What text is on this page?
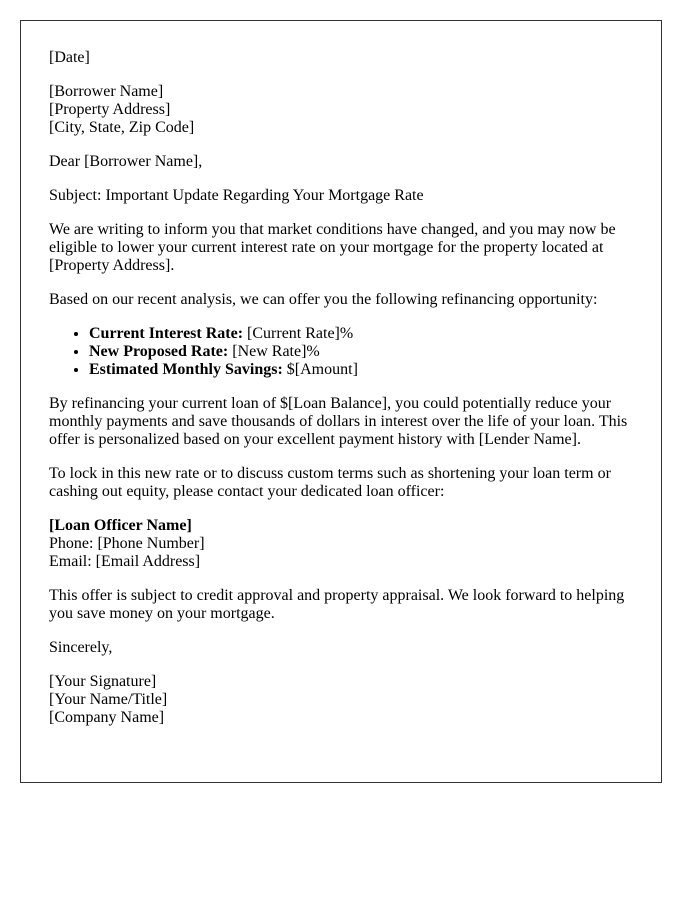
[Date]

[Borrower Name]
[Property Address]
[City, State, Zip Code]

Dear [Borrower Name],

Subject: Important Update Regarding Your Mortgage Rate

We are writing to inform you that market conditions have changed, and you may now be eligible to lower your current interest rate on your mortgage for the property located at [Property Address].

Based on our recent analysis, we can offer you the following refinancing opportunity:

• Current Interest Rate: [Current Rate]%
• New Proposed Rate: [New Rate]%
• Estimated Monthly Savings: $[Amount]

By refinancing your current loan of $[Loan Balance], you could potentially reduce your monthly payments and save thousands of dollars in interest over the life of your loan. This offer is personalized based on your excellent payment history with [Lender Name].

To lock in this new rate or to discuss custom terms such as shortening your loan term or cashing out equity, please contact your dedicated loan officer:

[Loan Officer Name]
Phone: [Phone Number]
Email: [Email Address]

This offer is subject to credit approval and property appraisal. We look forward to helping you save money on your mortgage.

Sincerely,

[Your Signature]
[Your Name/Title]
[Company Name]
